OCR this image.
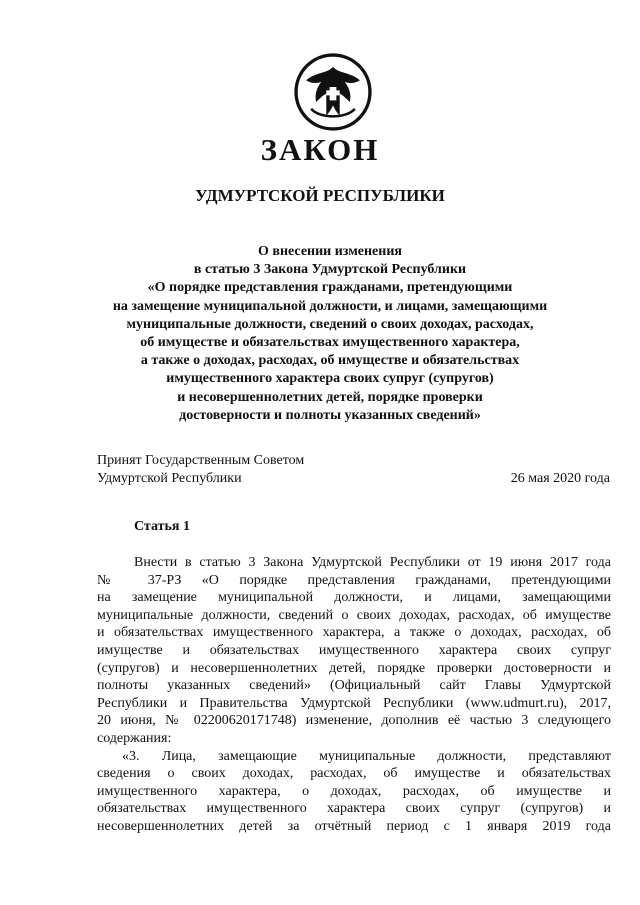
ЗАКОН
УДМУРТСКОЙ РЕСПУБЛИКИ
О внесении изменения
в статью 3 Закона Удмуртской Республики
«О порядке представления гражданами, претендующими
на замещение муниципальной должности, и лицами, замещающими
муниципальные должности, сведений о своих доходах, расходах,
об имуществе и обязательствах имущественного характера,
а также о доходах, расходах, об имуществе и обязательствах
имущественного характера своих супруг (супругов)
и несовершеннолетних детей, порядке проверки
достоверности и полноты указанных сведений»
Принят Государственным Советом
Удмуртской Республики	26 мая 2020 года
Статья 1
Внести в статью 3 Закона Удмуртской Республики от 19 июня 2017 года
№ 37-РЗ «О порядке представления гражданами, претендующими
на замещение муниципальной должности, и лицами, замещающими
муниципальные должности, сведений о своих доходах, расходах, об имуществе
и обязательствах имущественного характера, а также о доходах, расходах, об
имуществе и обязательствах имущественного характера своих супруг
(супругов) и несовершеннолетних детей, порядке проверки достоверности и
полноты указанных сведений» (Официальный сайт Главы Удмуртской
Республики и Правительства Удмуртской Республики (www.udmurt.ru), 2017,
20 июня, № 02200620171748) изменение, дополнив её частью 3 следующего
содержания:
«3. Лица, замещающие муниципальные должности, представляют
сведения о своих доходах, расходах, об имуществе и обязательствах
имущественного характера, о доходах, расходах, об имуществе и
обязательствах имущественного характера своих супруг (супругов) и
несовершеннолетних детей за отчётный период с 1 января 2019 года
